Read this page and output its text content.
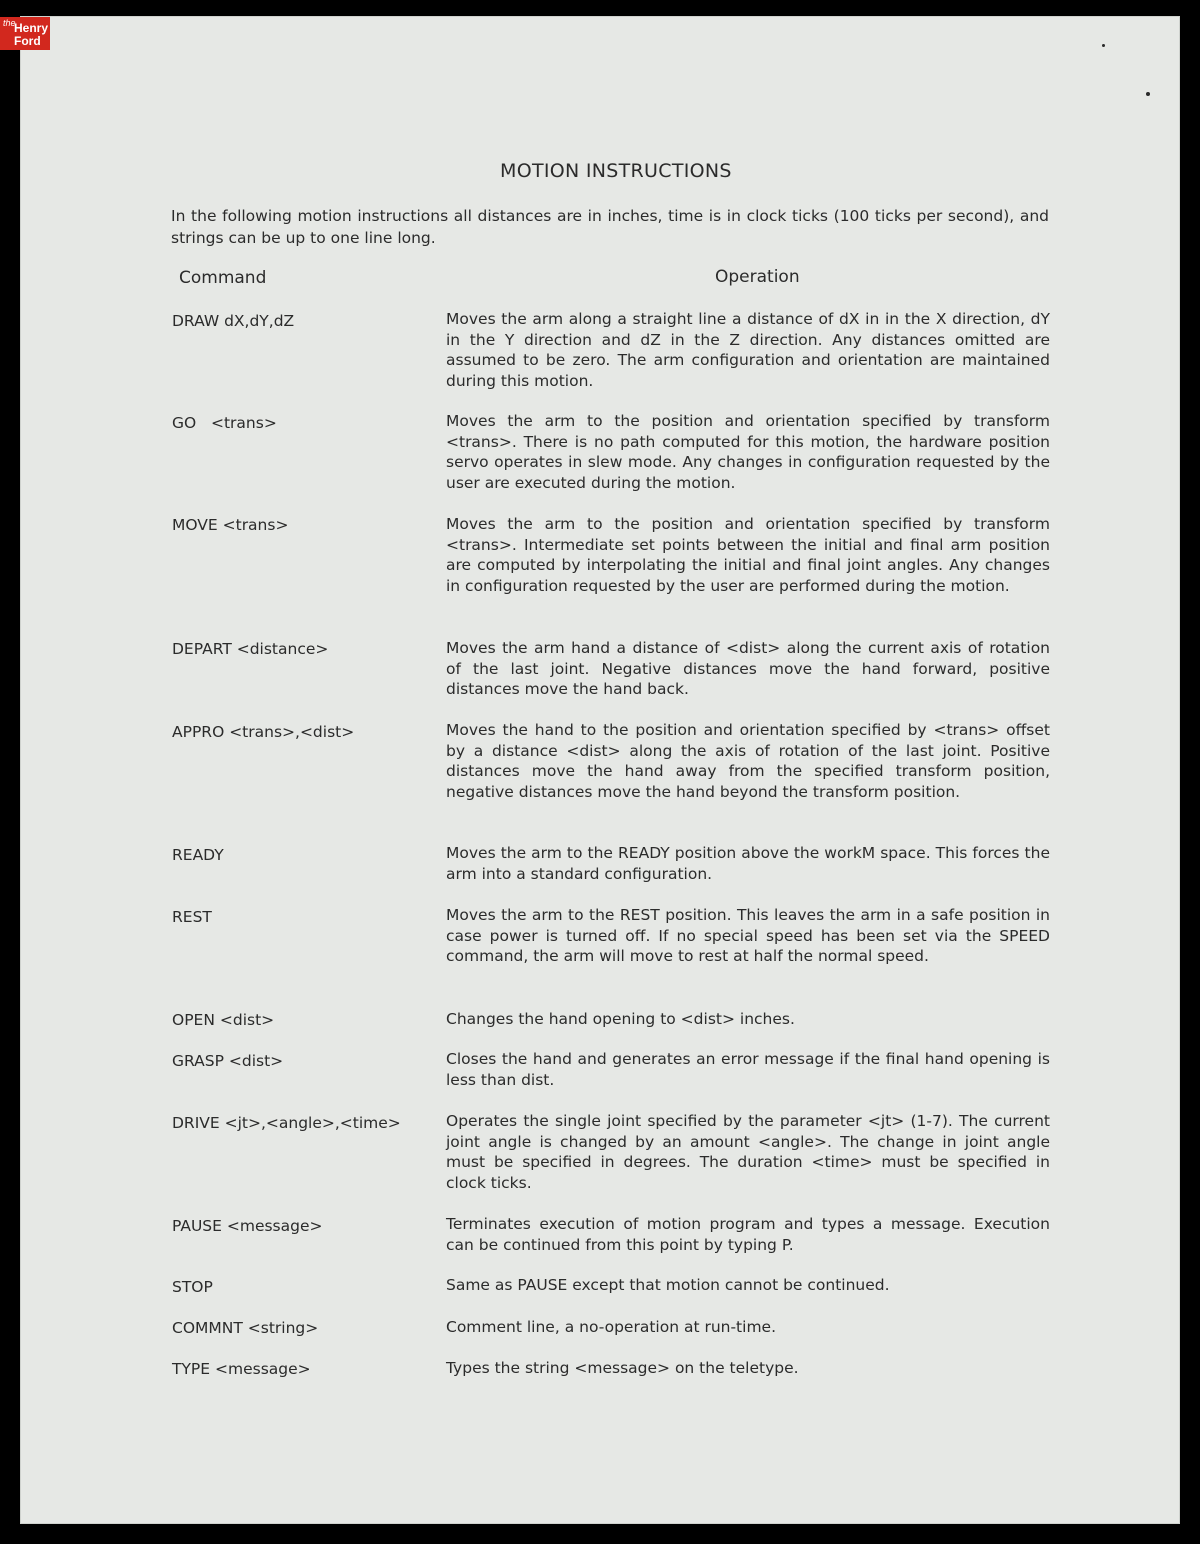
the
Henry
Ford
MOTION INSTRUCTIONS
In the following motion instructions all distances are in inches, time is in clock ticks (100 ticks per second), and strings can be up to one line long.
Command	Operation
DRAW dX,dY,dZ	Moves the arm along a straight line a distance of dX in in the X direction, dY in the Y direction and dZ in the Z direction. Any distances omitted are assumed to be zero. The arm configuration and orientation are maintained during this motion.
GO   <trans>	Moves the arm to the position and orientation specified by transform <trans>. There is no path computed for this motion, the hardware position servo operates in slew mode. Any changes in configuration requested by the user are executed during the motion.
MOVE <trans>	Moves the arm to the position and orientation specified by transform <trans>. Intermediate set points between the initial and final arm position are computed by interpolating the initial and final joint angles. Any changes in configuration requested by the user are performed during the motion.
DEPART <distance>	Moves the arm hand a distance of <dist> along the current axis of rotation of the last joint. Negative distances move the hand forward, positive distances move the hand back.
APPRO <trans>,<dist>	Moves the hand to the position and orientation specified by <trans> offset by a distance <dist> along the axis of rotation of the last joint. Positive distances move the hand away from the specified transform position, negative distances move the hand beyond the transform position.
READY	Moves the arm to the READY position above the workM space. This forces the arm into a standard configuration.
REST	Moves the arm to the REST position. This leaves the arm in a safe position in case power is turned off. If no special speed has been set via the SPEED command, the arm will move to rest at half the normal speed.
OPEN <dist>	Changes the hand opening to <dist> inches.
GRASP <dist>	Closes the hand and generates an error message if the final hand opening is less than dist.
DRIVE <jt>,<angle>,<time>	Operates the single joint specified by the parameter <jt> (1-7). The current joint angle is changed by an amount <angle>. The change in joint angle must be specified in degrees. The duration <time> must be specified in clock ticks.
PAUSE <message>	Terminates execution of motion program and types a message. Execution can be continued from this point by typing P.
STOP	Same as PAUSE except that motion cannot be continued.
COMMNT <string>	Comment line, a no-operation at run-time.
TYPE <message>	Types the string <message> on the teletype.
